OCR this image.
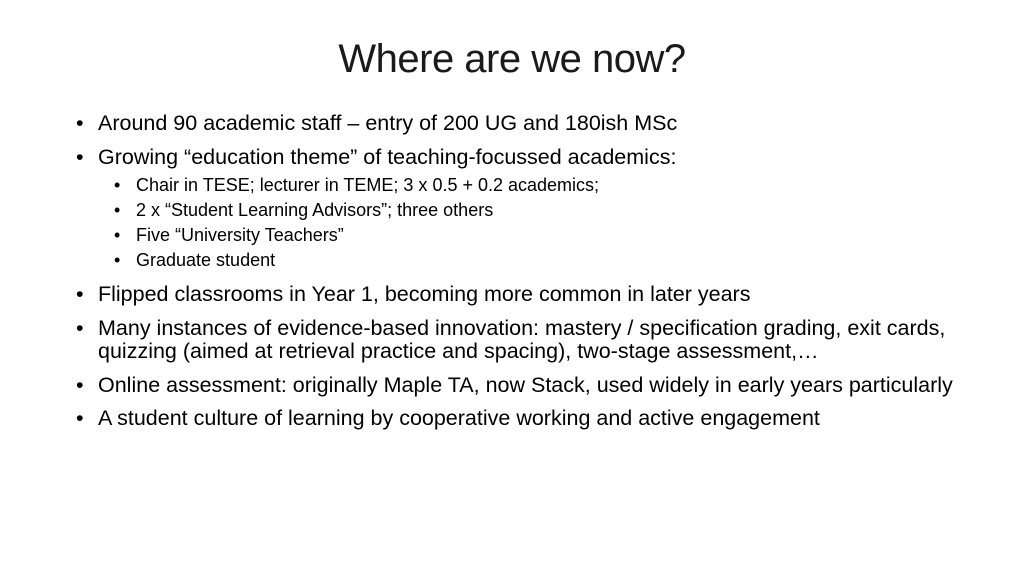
Where are we now?
• Around 90 academic staff – entry of 200 UG and 180ish MSc
• Growing “education theme” of teaching-focussed academics:
• Chair in TESE; lecturer in TEME; 3 x 0.5 + 0.2 academics;
• 2 x “Student Learning Advisors”; three others
• Five “University Teachers”
• Graduate student
• Flipped classrooms in Year 1, becoming more common in later years
• Many instances of evidence-based innovation: mastery / specification grading, exit cards, quizzing (aimed at retrieval practice and spacing), two-stage assessment,…
• Online assessment: originally Maple TA, now Stack, used widely in early years particularly
• A student culture of learning by cooperative working and active engagement
